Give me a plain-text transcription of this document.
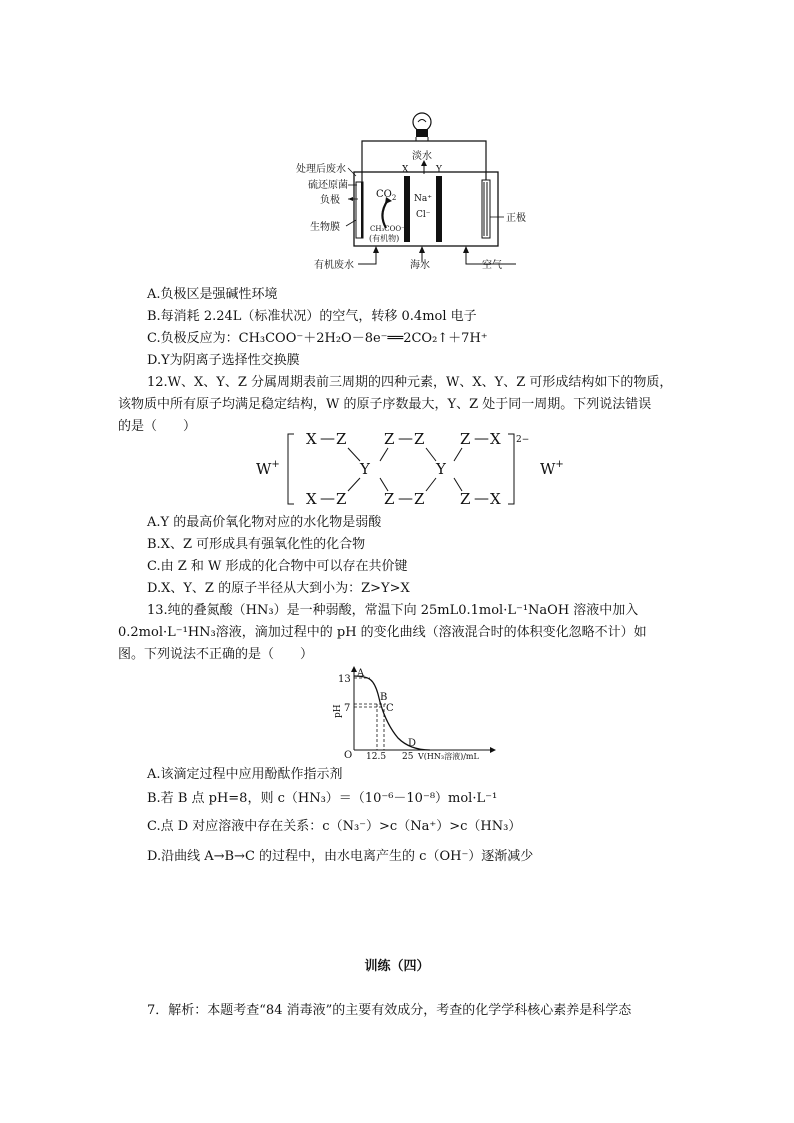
处理后废水
硫还原菌
负极
生物膜
$CO_2$
CH₃COO⁻
(有机物)
淡水
X	Y
Na⁺
Cl⁻	正极
有机废水	海水	空气
A.负极区是强碱性环境
B.每消耗 2.24L（标准状况）的空气，转移 0.4mol 电子
C.负极反应为：CH₃COO⁻＋2H₂O－8e⁻══2CO₂↑＋7H⁺
D.Y为阴离子选择性交换膜
12.W、X、Y、Z 分属周期表前三周期的四种元素，W、X、Y、Z 可形成结构如下的物质，
该物质中所有原子均满足稳定结构，W 的原子序数最大，Y、Z 处于同一周期。下列说法错误
的是（　　）
W+
2−
W+
X — Z	Z — Z Z — X
Y	Y
X — Z	Z — Z Z — X
A.Y 的最高价氧化物对应的水化物是弱酸
B.X、Z 可形成具有强氧化性的化合物
C.由 Z 和 W 形成的化合物中可以存在共价键
D.X、Y、Z 的原子半径从大到小为：Z>Y>X
13.纯的叠氮酸（HN₃）是一种弱酸，常温下向 25mL0.1mol·L⁻¹NaOH 溶液中加入
0.2mol·L⁻¹HN₃溶液，滴加过程中的 pH 的变化曲线（溶液混合时的体积变化忽略不计）如
图。下列说法不正确的是（　　）
A
B
C
D
13
7
O 12.5 25 V(HN₃溶液)/mL
pH
A.该滴定过程中应用酚酞作指示剂
B.若 B 点 pH=8，则 c（HN₃）＝（10⁻⁶－10⁻⁸）mol·L⁻¹
C.点 D 对应溶液中存在关系：c（N₃⁻）>c（Na⁺）>c（HN₃）
D.沿曲线 A→B→C 的过程中，由水电离产生的 c（OH⁻）逐渐减少
训练（四）
7．解析：本题考查“84 消毒液”的主要有效成分，考查的化学学科核心素养是科学态
